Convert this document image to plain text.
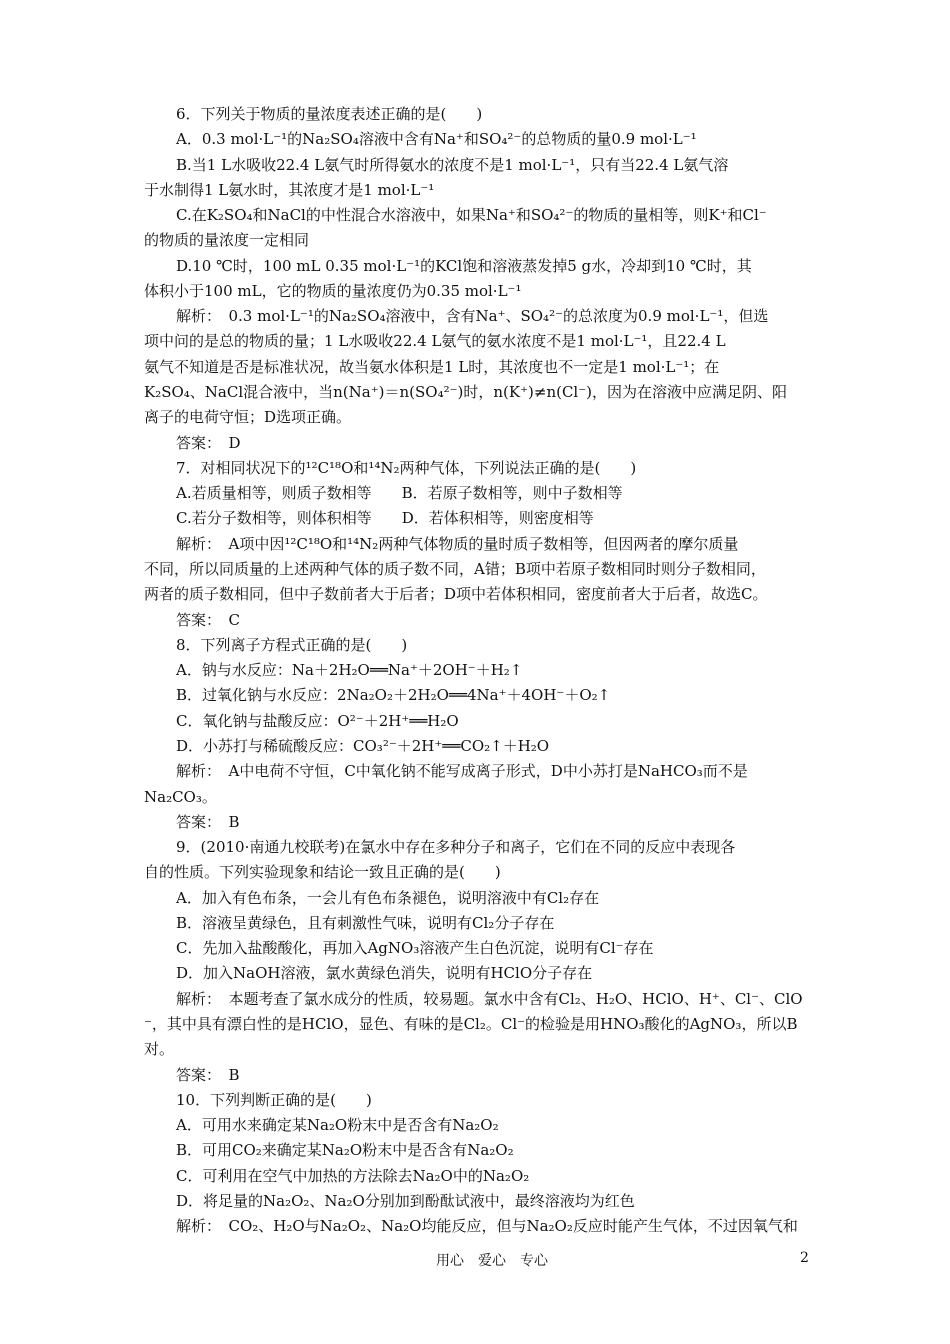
6．下列关于物质的量浓度表述正确的是(　　)
A．0.3 mol·L⁻¹的Na₂SO₄溶液中含有Na⁺和SO₄²⁻的总物质的量0.9 mol·L⁻¹
B.当1 L水吸收22.4 L氨气时所得氨水的浓度不是1 mol·L⁻¹，只有当22.4 L氨气溶
于水制得1 L氨水时，其浓度才是1 mol·L⁻¹
C.在K₂SO₄和NaCl的中性混合水溶液中，如果Na⁺和SO₄²⁻的物质的量相等，则K⁺和Cl⁻
的物质的量浓度一定相同
D.10 ℃时，100 mL 0.35 mol·L⁻¹的KCl饱和溶液蒸发掉5 g水，冷却到10 ℃时，其
体积小于100 mL，它的物质的量浓度仍为0.35 mol·L⁻¹
解析：　0.3 mol·L⁻¹的Na₂SO₄溶液中，含有Na⁺、SO₄²⁻的总浓度为0.9 mol·L⁻¹，但选
项中问的是总的物质的量；1 L水吸收22.4 L氨气的氨水浓度不是1 mol·L⁻¹，且22.4 L
氨气不知道是否是标准状况，故当氨水体积是1 L时，其浓度也不一定是1 mol·L⁻¹；在
K₂SO₄、NaCl混合液中，当n(Na⁺)＝n(SO₄²⁻)时，n(K⁺)≠n(Cl⁻)，因为在溶液中应满足阴、阳
离子的电荷守恒；D选项正确。
答案：　D
7．对相同状况下的¹²C¹⁸O和¹⁴N₂两种气体，下列说法正确的是(　　)
A.若质量相等，则质子数相等　　B．若原子数相等，则中子数相等
C.若分子数相等，则体积相等　　D．若体积相等，则密度相等
解析：　A项中因¹²C¹⁸O和¹⁴N₂两种气体物质的量时质子数相等，但因两者的摩尔质量
不同，所以同质量的上述两种气体的质子数不同，A错；B项中若原子数相同时则分子数相同，
两者的质子数相同，但中子数前者大于后者；D项中若体积相同，密度前者大于后者，故选C。
答案：　C
8．下列离子方程式正确的是(　　)
A．钠与水反应：Na＋2H₂O══Na⁺＋2OH⁻＋H₂↑
B．过氧化钠与水反应：2Na₂O₂＋2H₂O══4Na⁺＋4OH⁻＋O₂↑
C．氧化钠与盐酸反应：O²⁻＋2H⁺══H₂O
D．小苏打与稀硫酸反应：CO₃²⁻＋2H⁺══CO₂↑＋H₂O
解析：　A中电荷不守恒，C中氧化钠不能写成离子形式，D中小苏打是NaHCO₃而不是
Na₂CO₃。
答案：　B
9．(2010·南通九校联考)在氯水中存在多种分子和离子，它们在不同的反应中表现各
自的性质。下列实验现象和结论一致且正确的是(　　)
A．加入有色布条，一会儿有色布条褪色，说明溶液中有Cl₂存在
B．溶液呈黄绿色，且有刺激性气味，说明有Cl₂分子存在
C．先加入盐酸酸化，再加入AgNO₃溶液产生白色沉淀，说明有Cl⁻存在
D．加入NaOH溶液，氯水黄绿色消失，说明有HClO分子存在
解析：　本题考查了氯水成分的性质，较易题。氯水中含有Cl₂、H₂O、HClO、H⁺、Cl⁻、ClO
⁻，其中具有漂白性的是HClO，显色、有味的是Cl₂。Cl⁻的检验是用HNO₃酸化的AgNO₃，所以B
对。
答案：　B
10．下列判断正确的是(　　)
A．可用水来确定某Na₂O粉末中是否含有Na₂O₂
B．可用CO₂来确定某Na₂O粉末中是否含有Na₂O₂
C．可利用在空气中加热的方法除去Na₂O中的Na₂O₂
D．将足量的Na₂O₂、Na₂O分别加到酚酞试液中，最终溶液均为红色
解析：　CO₂、H₂O与Na₂O₂、Na₂O均能反应，但与Na₂O₂反应时能产生气体，不过因氧气和
用心　爱心　专心	2
